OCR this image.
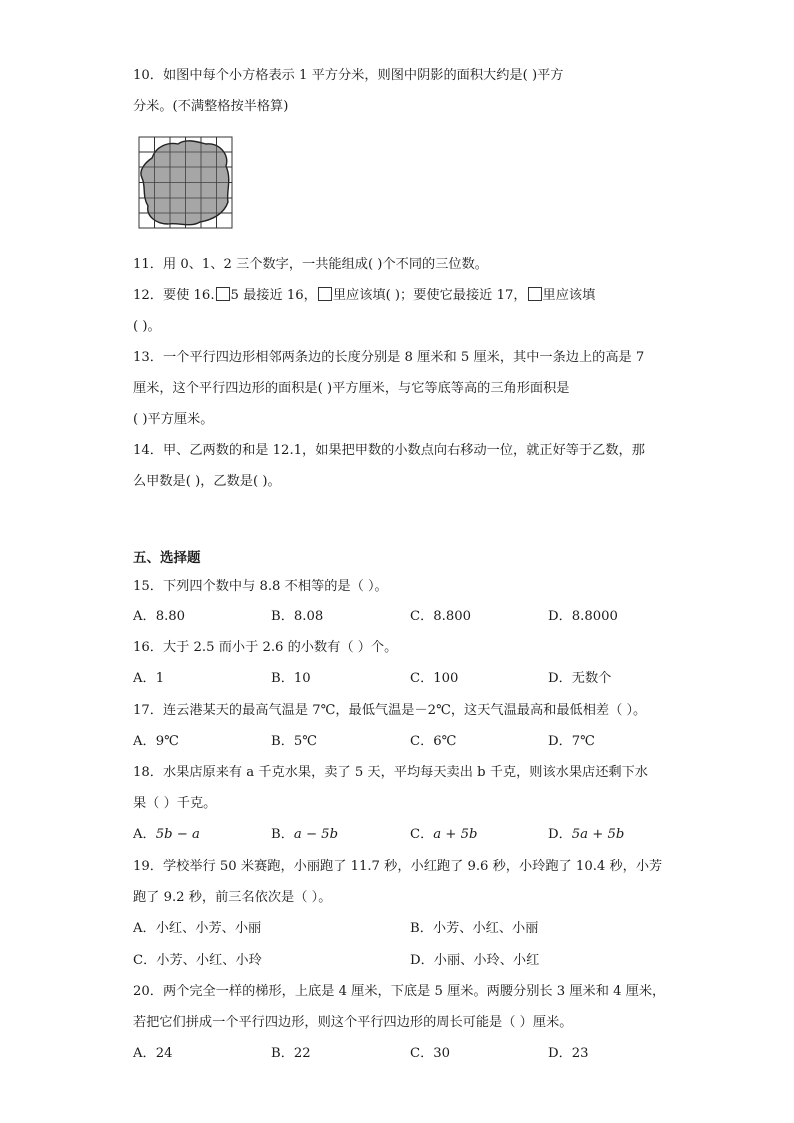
10．如图中每个小方格表示 1 平方分米，则图中阴影的面积大约是( )平方
分米。(不满整格按半格算)
11．用 0、1、2 三个数字，一共能组成( )个不同的三位数。
12．要使 16. 5 最接近 16， 里应该填( )；要使它最接近 17， 里应该填
( )。
13．一个平行四边形相邻两条边的长度分别是 8 厘米和 5 厘米，其中一条边上的高是 7
厘米，这个平行四边形的面积是( )平方厘米，与它等底等高的三角形面积是
( )平方厘米。
14．甲、乙两数的和是 12.1，如果把甲数的小数点向右移动一位，就正好等于乙数，那
么甲数是( )，乙数是( )。
五、选择题
15．下列四个数中与 8.8 不相等的是（ ）。
A．8.80	B．8.08	C．8.800	D．8.8000
16．大于 2.5 而小于 2.6 的小数有（ ）个。
A．1	B．10	C．100	D．无数个
17．连云港某天的最高气温是 7℃，最低气温是－2℃，这天气温最高和最低相差（ ）。
A．9℃	B．5℃	C．6℃	D．7℃
18．水果店原来有 a 千克水果，卖了 5 天，平均每天卖出 b 千克，则该水果店还剩下水
果（ ）千克。
A．5b − a	B．a − 5b	C．a + 5b	D．5a + 5b
19．学校举行 50 米赛跑，小丽跑了 11.7 秒，小红跑了 9.6 秒，小玲跑了 10.4 秒，小芳
跑了 9.2 秒，前三名依次是（ ）。
A．小红、小芳、小丽	B．小芳、小红、小丽
C．小芳、小红、小玲	D．小丽、小玲、小红
20．两个完全一样的梯形，上底是 4 厘米，下底是 5 厘米。两腰分别长 3 厘米和 4 厘米，
若把它们拼成一个平行四边形，则这个平行四边形的周长可能是（ ）厘米。
A．24	B．22	C．30	D．23
